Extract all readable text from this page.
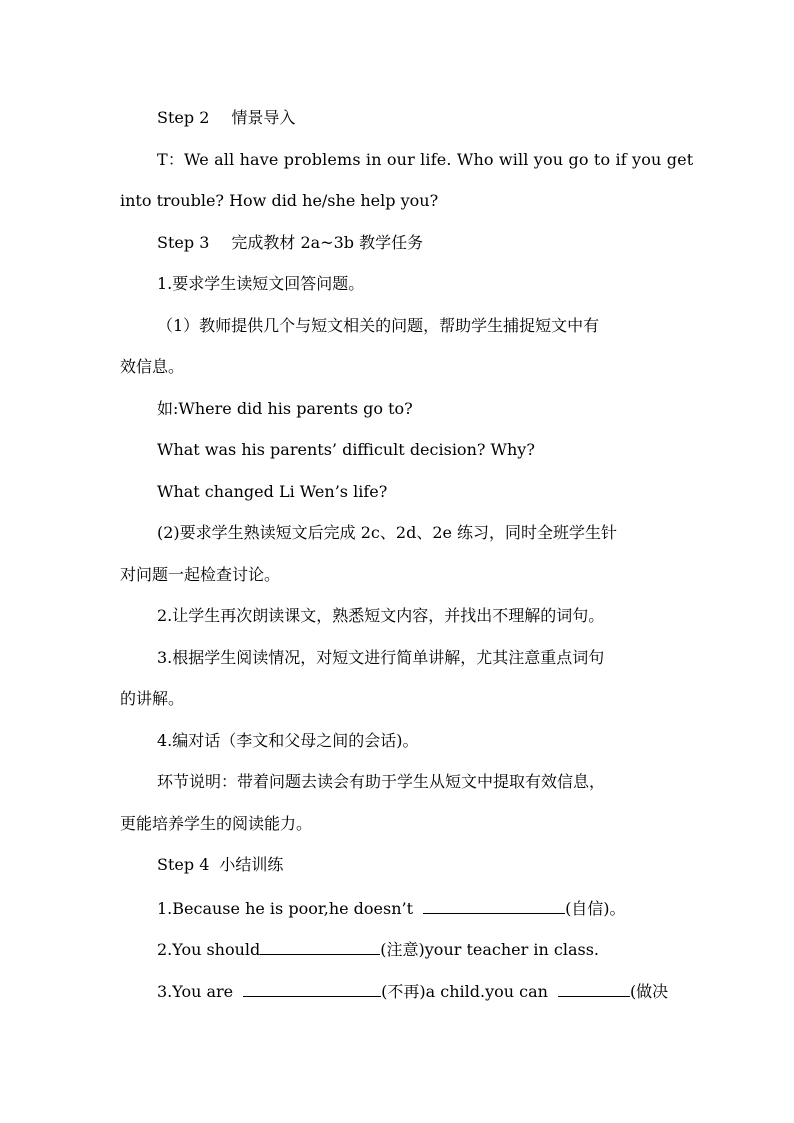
Step 2 情景导入
T：We all have problems in our life. Who will you go to if you get
into trouble? How did he/she help you?
Step 3 完成教材 2a~3b 教学任务
1.要求学生读短文回答问题。
（1）教师提供几个与短文相关的问题，帮助学生捕捉短文中有
效信息。
如:Where did his parents go to?
What was his parents’ difficult decision? Why?
What changed Li Wen’s life?
(2)要求学生熟读短文后完成 2c、2d、2e 练习，同时全班学生针
对问题一起检查讨论。
2.让学生再次朗读课文，熟悉短文内容，并找出不理解的词句。
3.根据学生阅读情况，对短文进行简单讲解，尤其注意重点词句
的讲解。
4.编对话（李文和父母之间的会话)。
环节说明：带着问题去读会有助于学生从短文中提取有效信息，
更能培养学生的阅读能力。
Step 4 小结训练
1.Because he is poor,he doesn’t	(自信)。
2.You should	(注意)your teacher in class.
3.You are	(不再)a child.you can	(做决
